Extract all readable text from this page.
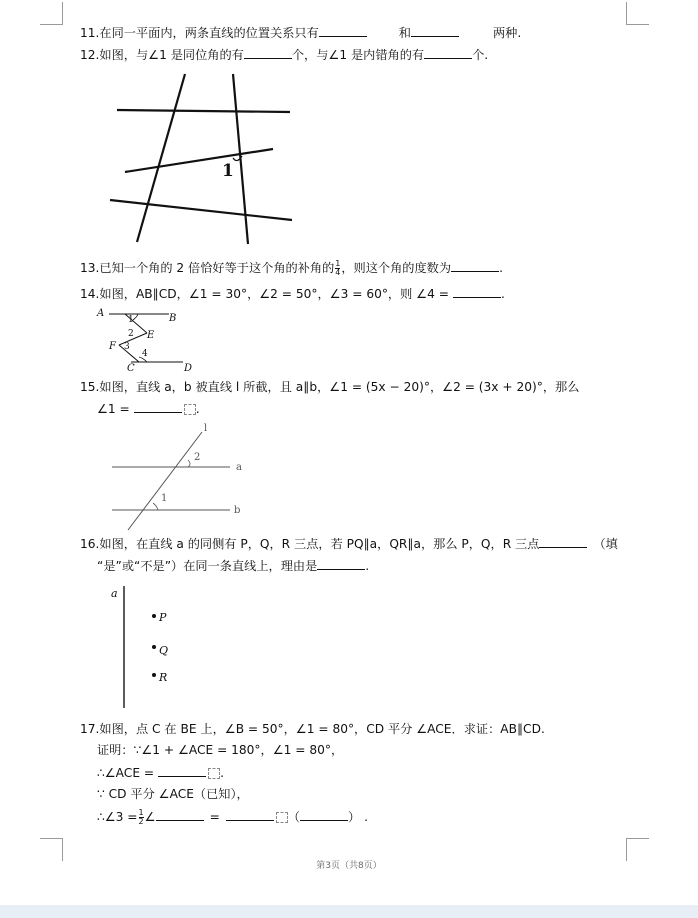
11.在同一平面内，两条直线的位置关系只有	和	两种.
12.如图，与∠1 是同位角的有	个，与∠1 是内错角的有	个.
1
13.已知一个角的 2 倍恰好等于这个角的补角的 $\frac{1}{4}$ ，则这个角的度数为	.
14.如图，AB∥CD，∠1 = 30°，∠2 = 50°，∠3 = 60°，则 ∠4 =	.
A	B
E
F
C	D
1
2
3
4
15.如图，直线 a，b 被直线 l 所截，且 a∥b，∠1 = (5x − 20)°，∠2 = (3x + 20)°，那么
∠1 =	.
l
a
b
2
1
16.如图，在直线 a 的同侧有 P，Q，R 三点，若 PQ∥a，QR∥a，那么 P，Q，R 三点	（填
“是”或“不是”）在同一条直线上，理由是	.
a
P
Q
R
17.如图，点 C 在 BE 上，∠B = 50°，∠1 = 80°，CD 平分 ∠ACE．求证：AB∥CD.
证明：∵∠1 + ∠ACE = 180°，∠1 = 80°，
∴∠ACE =	.
∵ CD 平分 ∠ACE（已知），
∴∠3 = $\frac{1}{2}$ ∠	=	（	） .
第3页（共8页）
